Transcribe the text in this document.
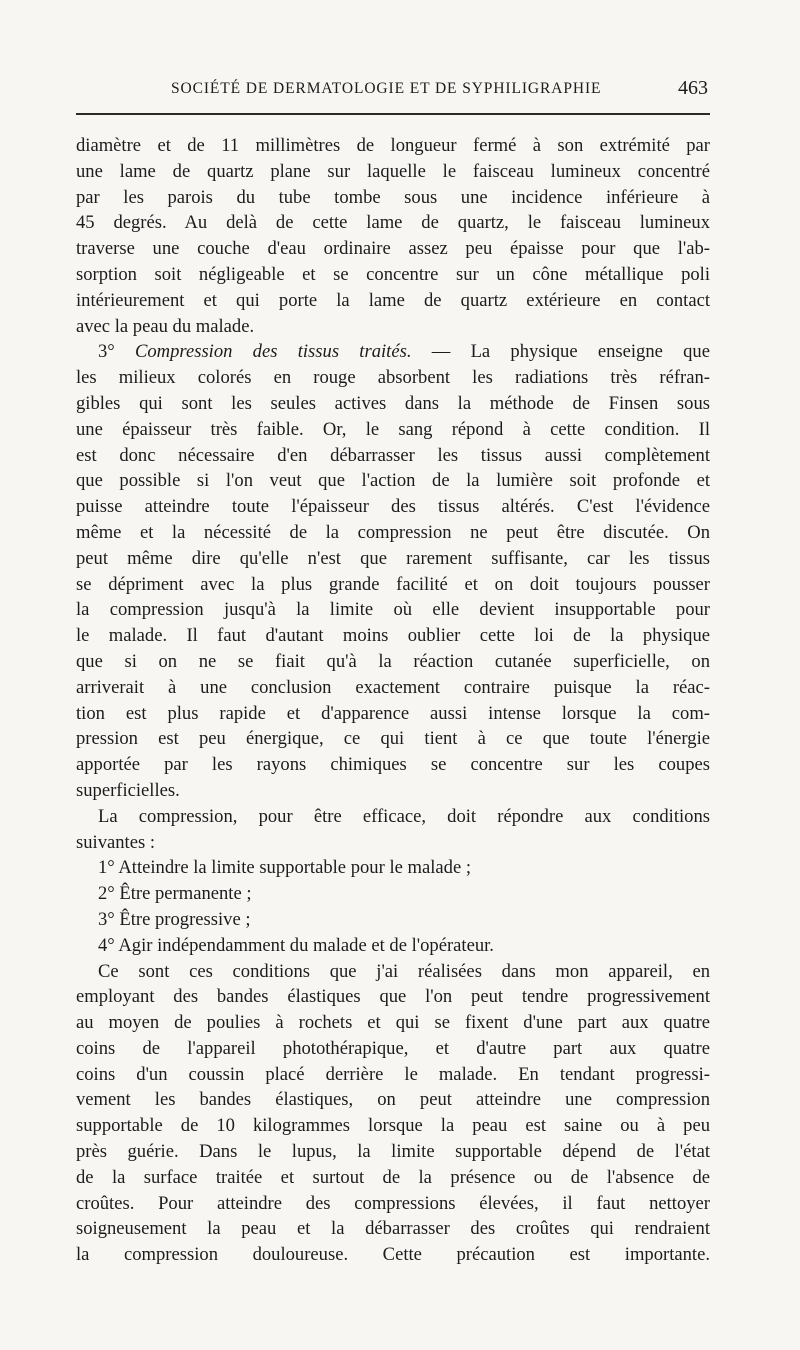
SOCIÉTÉ DE DERMATOLOGIE ET DE SYPHILIGRAPHIE	463
diamètre et de 11 millimètres de longueur fermé à son extrémité par
une lame de quartz plane sur laquelle le faisceau lumineux concentré
par les parois du tube tombe sous une incidence inférieure à
45 degrés. Au delà de cette lame de quartz, le faisceau lumineux
traverse une couche d'eau ordinaire assez peu épaisse pour que l'ab-
sorption soit négligeable et se concentre sur un cône métallique poli
intérieurement et qui porte la lame de quartz extérieure en contact
avec la peau du malade.
3° Compression des tissus traités. — La physique enseigne que
les milieux colorés en rouge absorbent les radiations très réfran-
gibles qui sont les seules actives dans la méthode de Finsen sous
une épaisseur très faible. Or, le sang répond à cette condition. Il
est donc nécessaire d'en débarrasser les tissus aussi complètement
que possible si l'on veut que l'action de la lumière soit profonde et
puisse atteindre toute l'épaisseur des tissus altérés. C'est l'évidence
même et la nécessité de la compression ne peut être discutée. On
peut même dire qu'elle n'est que rarement suffisante, car les tissus
se dépriment avec la plus grande facilité et on doit toujours pousser
la compression jusqu'à la limite où elle devient insupportable pour
le malade. Il faut d'autant moins oublier cette loi de la physique
que si on ne se fiait qu'à la réaction cutanée superficielle, on
arriverait à une conclusion exactement contraire puisque la réac-
tion est plus rapide et d'apparence aussi intense lorsque la com-
pression est peu énergique, ce qui tient à ce que toute l'énergie
apportée par les rayons chimiques se concentre sur les coupes
superficielles.
La compression, pour être efficace, doit répondre aux conditions
suivantes :
1° Atteindre la limite supportable pour le malade ;
2° Être permanente ;
3° Être progressive ;
4° Agir indépendamment du malade et de l'opérateur.
Ce sont ces conditions que j'ai réalisées dans mon appareil, en
employant des bandes élastiques que l'on peut tendre progressivement
au moyen de poulies à rochets et qui se fixent d'une part aux quatre
coins de l'appareil photothérapique, et d'autre part aux quatre
coins d'un coussin placé derrière le malade. En tendant progressi-
vement les bandes élastiques, on peut atteindre une compression
supportable de 10 kilogrammes lorsque la peau est saine ou à peu
près guérie. Dans le lupus, la limite supportable dépend de l'état
de la surface traitée et surtout de la présence ou de l'absence de
croûtes. Pour atteindre des compressions élevées, il faut nettoyer
soigneusement la peau et la débarrasser des croûtes qui rendraient
la compression douloureuse. Cette précaution est importante.
